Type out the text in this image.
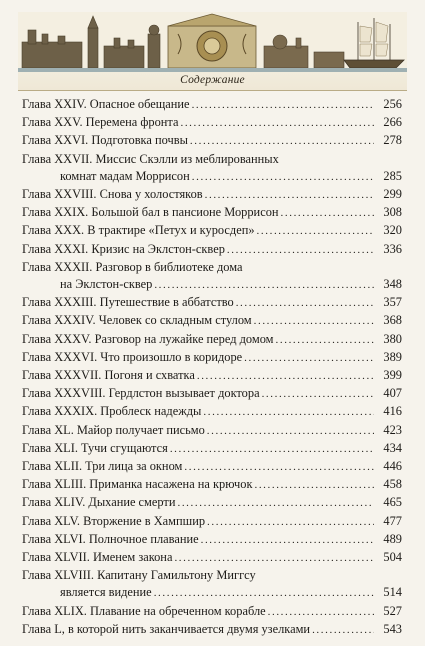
Содержание
Глава XXIV. Опасное обещание .....	256
Глава XXV. Перемена фронта .....	266
Глава XXVI. Подготовка почвы .....	278
Глава XXVII. Миссис Скэлли из меблированных
комнат мадам Моррисон .....	285
Глава XXVIII. Снова у холостяков .....	299
Глава XXIX. Большой бал в пансионе Моррисон .....	308
Глава XXX. В трактире «Петух и куросдеп» .....	320
Глава XXXI. Кризис на Эклстон-сквер .....	336
Глава XXXII. Разговор в библиотеке дома
на Эклстон-сквер .....	348
Глава XXXIII. Путешествие в аббатство .....	357
Глава XXXIV. Человек со складным стулом .....	368
Глава XXXV. Разговор на лужайке перед домом .....	380
Глава XXXVI. Что произошло в коридоре .....	389
Глава XXXVII. Погоня и схватка .....	399
Глава XXXVIII. Гердлстон вызывает доктора .....	407
Глава XXXIX. Проблеск надежды .....	416
Глава XL. Майор получает письмо .....	423
Глава XLI. Тучи сгущаются .....	434
Глава XLII. Три лица за окном .....	446
Глава XLIII. Приманка насажена на крючок .....	458
Глава XLIV. Дыхание смерти .....	465
Глава XLV. Вторжение в Хампшир .....	477
Глава XLVI. Полночное плавание .....	489
Глава XLVII. Именем закона .....	504
Глава XLVIII. Капитану Гамильтону Миггсу
является видение .....	514
Глава XLIX. Плавание на обреченном корабле .....	527
Глава L, в которой нить заканчивается двумя узелками .....	543
